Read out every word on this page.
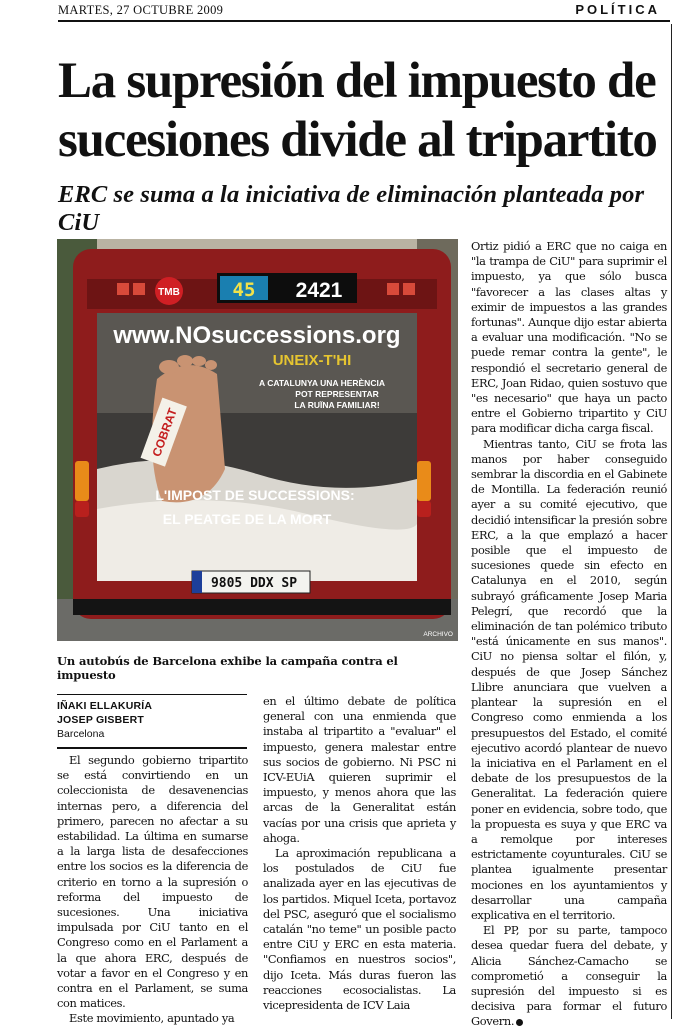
MARTES, 27 OCTUBRE 2009	POLÍTICA
La supresión del impuesto de sucesiones divide al tripartito
ERC se suma a la iniciativa de eliminación planteada por CiU
45 2421
TMB
www.NOsuccessions.org
UNEIX-T'HI
A CATALUNYA UNA HERÈNCIA
POT REPRESENTAR
LA RUÏNA FAMILIAR!
COBRAT
L'IMPOST DE SUCCESSIONS:
EL PEATGE DE LA MORT
9805 DDX SP
ARCHIVO

Un autobús de Barcelona exhibe la campaña contra el impuesto

IÑAKI ELLAKURÍA
JOSEP GISBERT
Barcelona

El segundo gobierno tripartito se está convirtiendo en un coleccionista de desavenencias internas pero, a diferencia del primero, parecen no afectar a su estabilidad. La última en sumarse a la larga lista de desafecciones entre los socios es la diferencia de criterio en torno a la supresión o reforma del impuesto de sucesiones. Una iniciativa impulsada por CiU tanto en el Congreso como en el Parlament a la que ahora ERC, después de votar a favor en el Congreso y en contra en el Parlament, se suma con matices.

Este movimiento, apuntado ya

en el último debate de política general con una enmienda que instaba al tripartito a "evaluar" el impuesto, genera malestar entre sus socios de gobierno. Ni PSC ni ICV-EUiA quieren suprimir el impuesto, y menos ahora que las arcas de la Generalitat están vacías por una crisis que aprieta y ahoga.

La aproximación republicana a los postulados de CiU fue analizada ayer en las ejecutivas de los partidos. Miquel Iceta, portavoz del PSC, aseguró que el socialismo catalán "no teme" un posible pacto entre CiU y ERC en esta materia. "Confiamos en nuestros socios", dijo Iceta. Más duras fueron las reacciones ecosocialistas. La vicepresidenta de ICV Laia

Ortiz pidió a ERC que no caiga en "la trampa de CiU" para suprimir el impuesto, ya que sólo busca "favorecer a las clases altas y eximir de impuestos a las grandes fortunas". Aunque dijo estar abierta a evaluar una modificación. "No se puede remar contra la gente", le respondió el secretario general de ERC, Joan Ridao, quien sostuvo que "es necesario" que haya un pacto entre el Gobierno tripartito y CiU para modificar dicha carga fiscal.

Mientras tanto, CiU se frota las manos por haber conseguido sembrar la discordia en el Gabinete de Montilla. La federación reunió ayer a su comité ejecutivo, que decidió intensificar la presión sobre ERC, a la que emplazó a hacer posible que el impuesto de sucesiones quede sin efecto en Catalunya en el 2010, según subrayó gráficamente Josep Maria Pelegrí, que recordó que la eliminación de tan polémico tributo "está únicamente en sus manos". CiU no piensa soltar el filón, y, después de que Josep Sánchez Llibre anunciara que vuelven a plantear la supresión en el Congreso como enmienda a los presupuestos del Estado, el comité ejecutivo acordó plantear de nuevo la iniciativa en el Parlament en el debate de los presupuestos de la Generalitat. La federación quiere poner en evidencia, sobre todo, que la propuesta es suya y que ERC va a remolque por intereses estrictamente coyunturales. CiU se plantea igualmente presentar mociones en los ayuntamientos y desarrollar una campaña explicativa en el territorio.

El PP, por su parte, tampoco desea quedar fuera del debate, y Alicia Sánchez-Camacho se comprometió a conseguir la supresión del impuesto si es decisiva para formar el futuro Govern.
